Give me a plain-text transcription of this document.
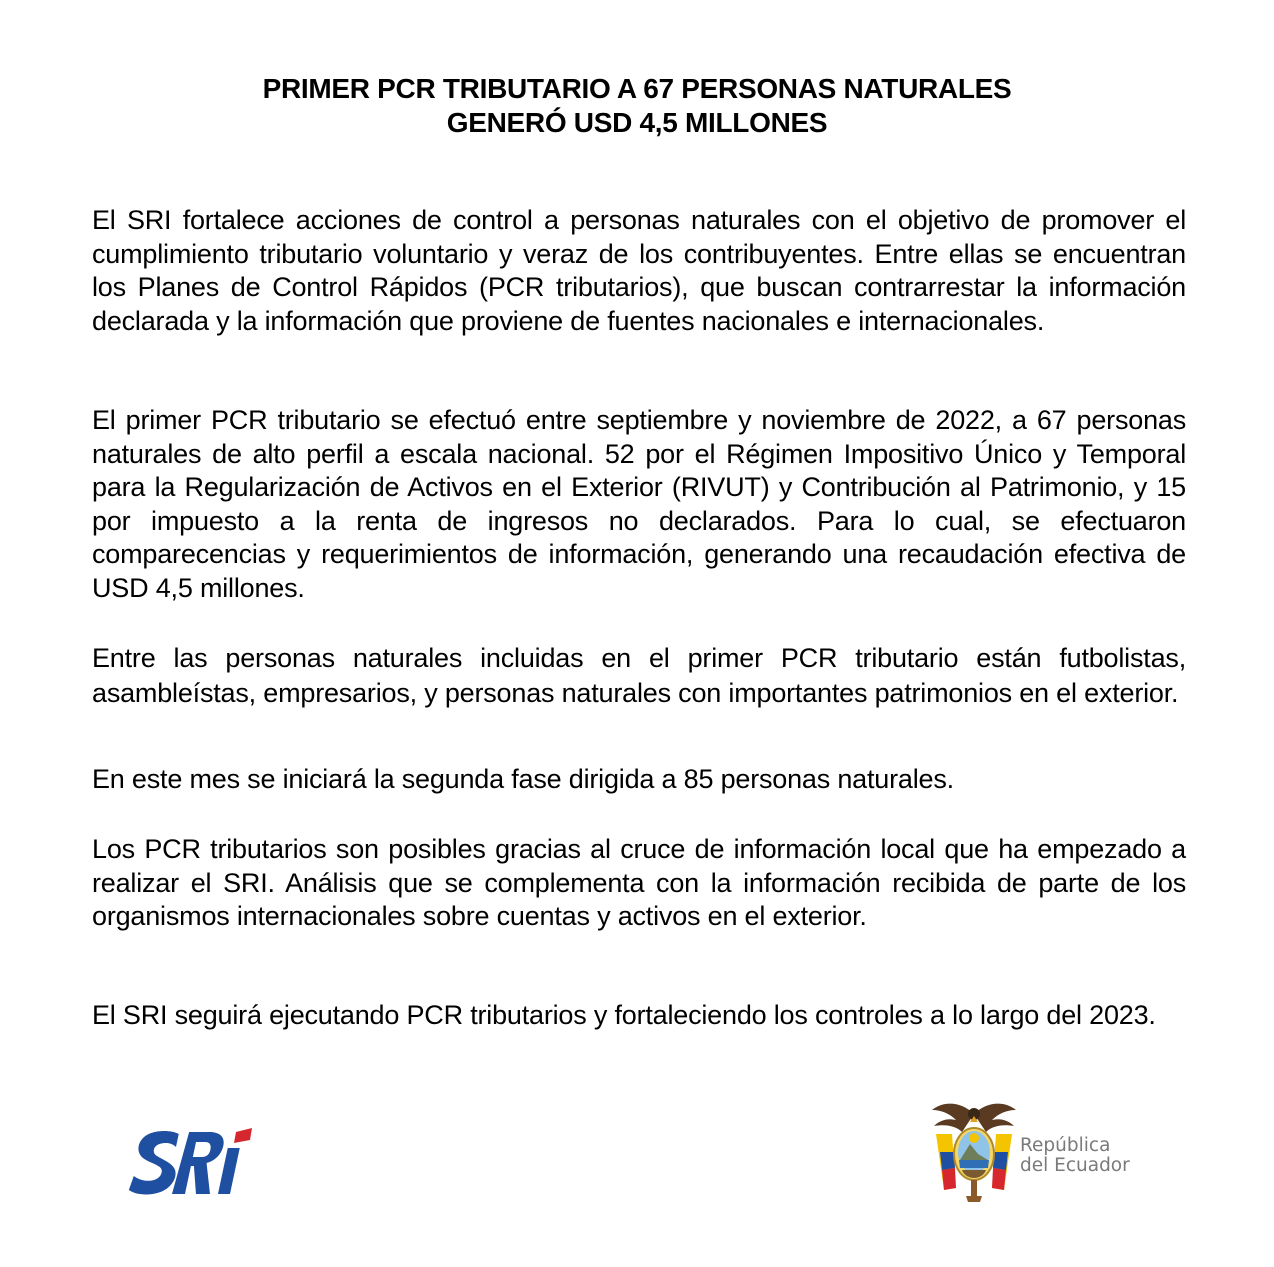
PRIMER PCR TRIBUTARIO A 67 PERSONAS NATURALES
GENERÓ USD 4,5 MILLONES

El SRI fortalece acciones de control a personas naturales con el objetivo de promover el cumplimiento tributario voluntario y veraz de los contribuyentes. Entre ellas se encuentran los Planes de Control Rápidos (PCR tributarios), que buscan contrarrestar la información declarada y la información que proviene de fuentes nacionales e internacionales.

El primer PCR tributario se efectuó entre septiembre y noviembre de 2022, a 67 personas naturales de alto perfil a escala nacional. 52 por el Régimen Impositivo Único y Temporal para la Regularización de Activos en el Exterior (RIVUT) y Contribución al Patrimonio, y 15 por impuesto a la renta de ingresos no declarados. Para lo cual, se efectuaron comparecencias y requerimientos de información, generando una recaudación efectiva de USD 4,5 millones.

Entre las personas naturales incluidas en el primer PCR tributario están futbolistas, asambleístas, empresarios, y personas naturales con importantes patrimonios en el exterior.

En este mes se iniciará la segunda fase dirigida a 85 personas naturales.

Los PCR tributarios son posibles gracias al cruce de información local que ha empezado a realizar el SRI. Análisis que se complementa con la información recibida de parte de los organismos internacionales sobre cuentas y activos en el exterior.

El SRI seguirá ejecutando PCR tributarios y fortaleciendo los controles a lo largo del 2023.

República
del Ecuador
